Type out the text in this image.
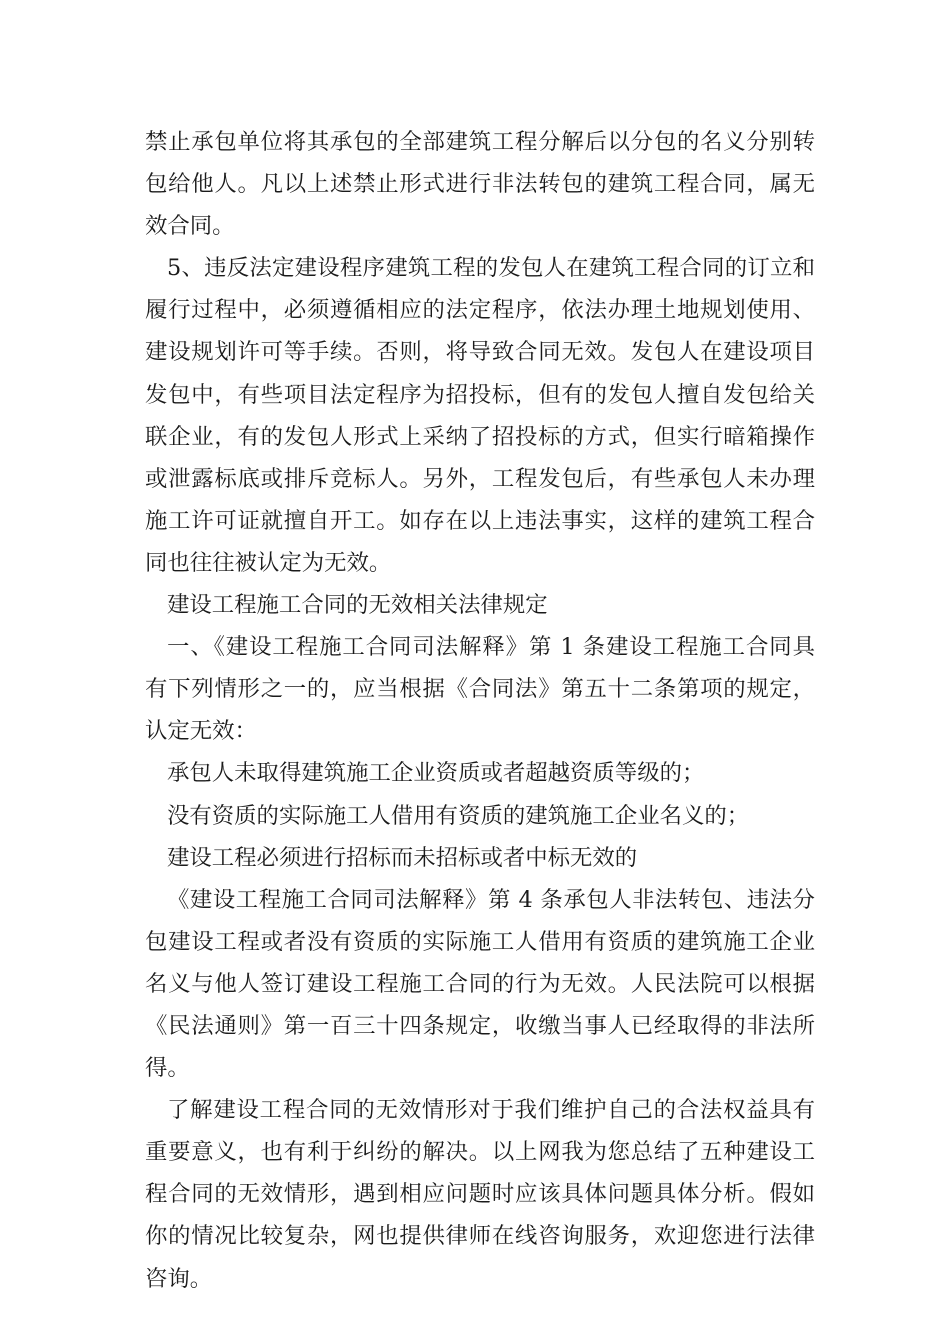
禁止承包单位将其承包的全部建筑工程分解后以分包的名义分别转
包给他人。凡以上述禁止形式进行非法转包的建筑工程合同，属无
效合同。
5、违反法定建设程序建筑工程的发包人在建筑工程合同的订立和
履行过程中，必须遵循相应的法定程序，依法办理土地规划使用、
建设规划许可等手续。否则，将导致合同无效。发包人在建设项目
发包中，有些项目法定程序为招投标，但有的发包人擅自发包给关
联企业，有的发包人形式上采纳了招投标的方式，但实行暗箱操作
或泄露标底或排斥竞标人。另外，工程发包后，有些承包人未办理
施工许可证就擅自开工。如存在以上违法事实，这样的建筑工程合
同也往往被认定为无效。
建设工程施工合同的无效相关法律规定
一、《建设工程施工合同司法解释》第 1 条建设工程施工合同具
有下列情形之一的，应当根据《合同法》第五十二条第项的规定，
认定无效：
承包人未取得建筑施工企业资质或者超越资质等级的；
没有资质的实际施工人借用有资质的建筑施工企业名义的；
建设工程必须进行招标而未招标或者中标无效的
《建设工程施工合同司法解释》第 4 条承包人非法转包、违法分
包建设工程或者没有资质的实际施工人借用有资质的建筑施工企业
名义与他人签订建设工程施工合同的行为无效。人民法院可以根据
《民法通则》第一百三十四条规定，收缴当事人已经取得的非法所
得。
了解建设工程合同的无效情形对于我们维护自己的合法权益具有
重要意义，也有利于纠纷的解决。以上网我为您总结了五种建设工
程合同的无效情形，遇到相应问题时应该具体问题具体分析。假如
你的情况比较复杂，网也提供律师在线咨询服务，欢迎您进行法律
咨询。
